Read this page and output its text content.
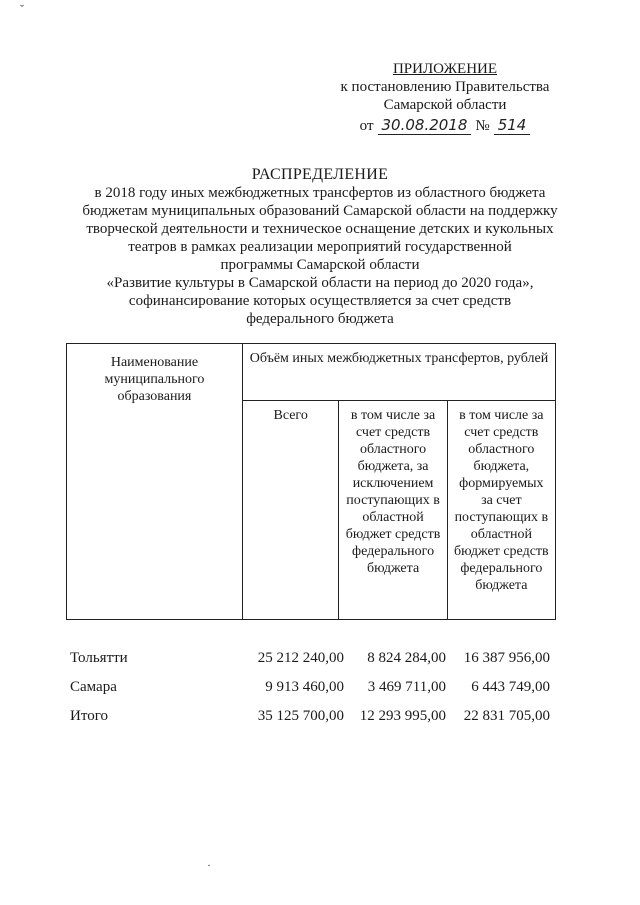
ˇ
ПРИЛОЖЕНИЕ
к постановлению Правительства
Самарской области
от 30.08.2018 № 514
РАСПРЕДЕЛЕНИЕ
в 2018 году иных межбюджетных трансфертов из областного бюджета
бюджетам муниципальных образований Самарской области на поддержку
творческой деятельности и техническое оснащение детских и кукольных
театров в рамках реализации мероприятий государственной
программы Самарской области
«Развитие культуры в Самарской области на период до 2020 года»,
софинансирование которых осуществляется за счет средств
федерального бюджета
Наименование муниципального образования	Объём иных межбюджетных трансфертов, рублей		
	Всего	в том числе за счет средств областного бюджета, за исключением поступающих в областной бюджет средств федерального бюджета	в том числе за счет средств областного бюджета, формируемых за счет поступающих в областной бюджет средств федерального бюджета
Тольятти	25 212 240,00	8 824 284,00	16 387 956,00
Самара	9 913 460,00	3 469 711,00	6 443 749,00
Итого	35 125 700,00	12 293 995,00	22 831 705,00
·
